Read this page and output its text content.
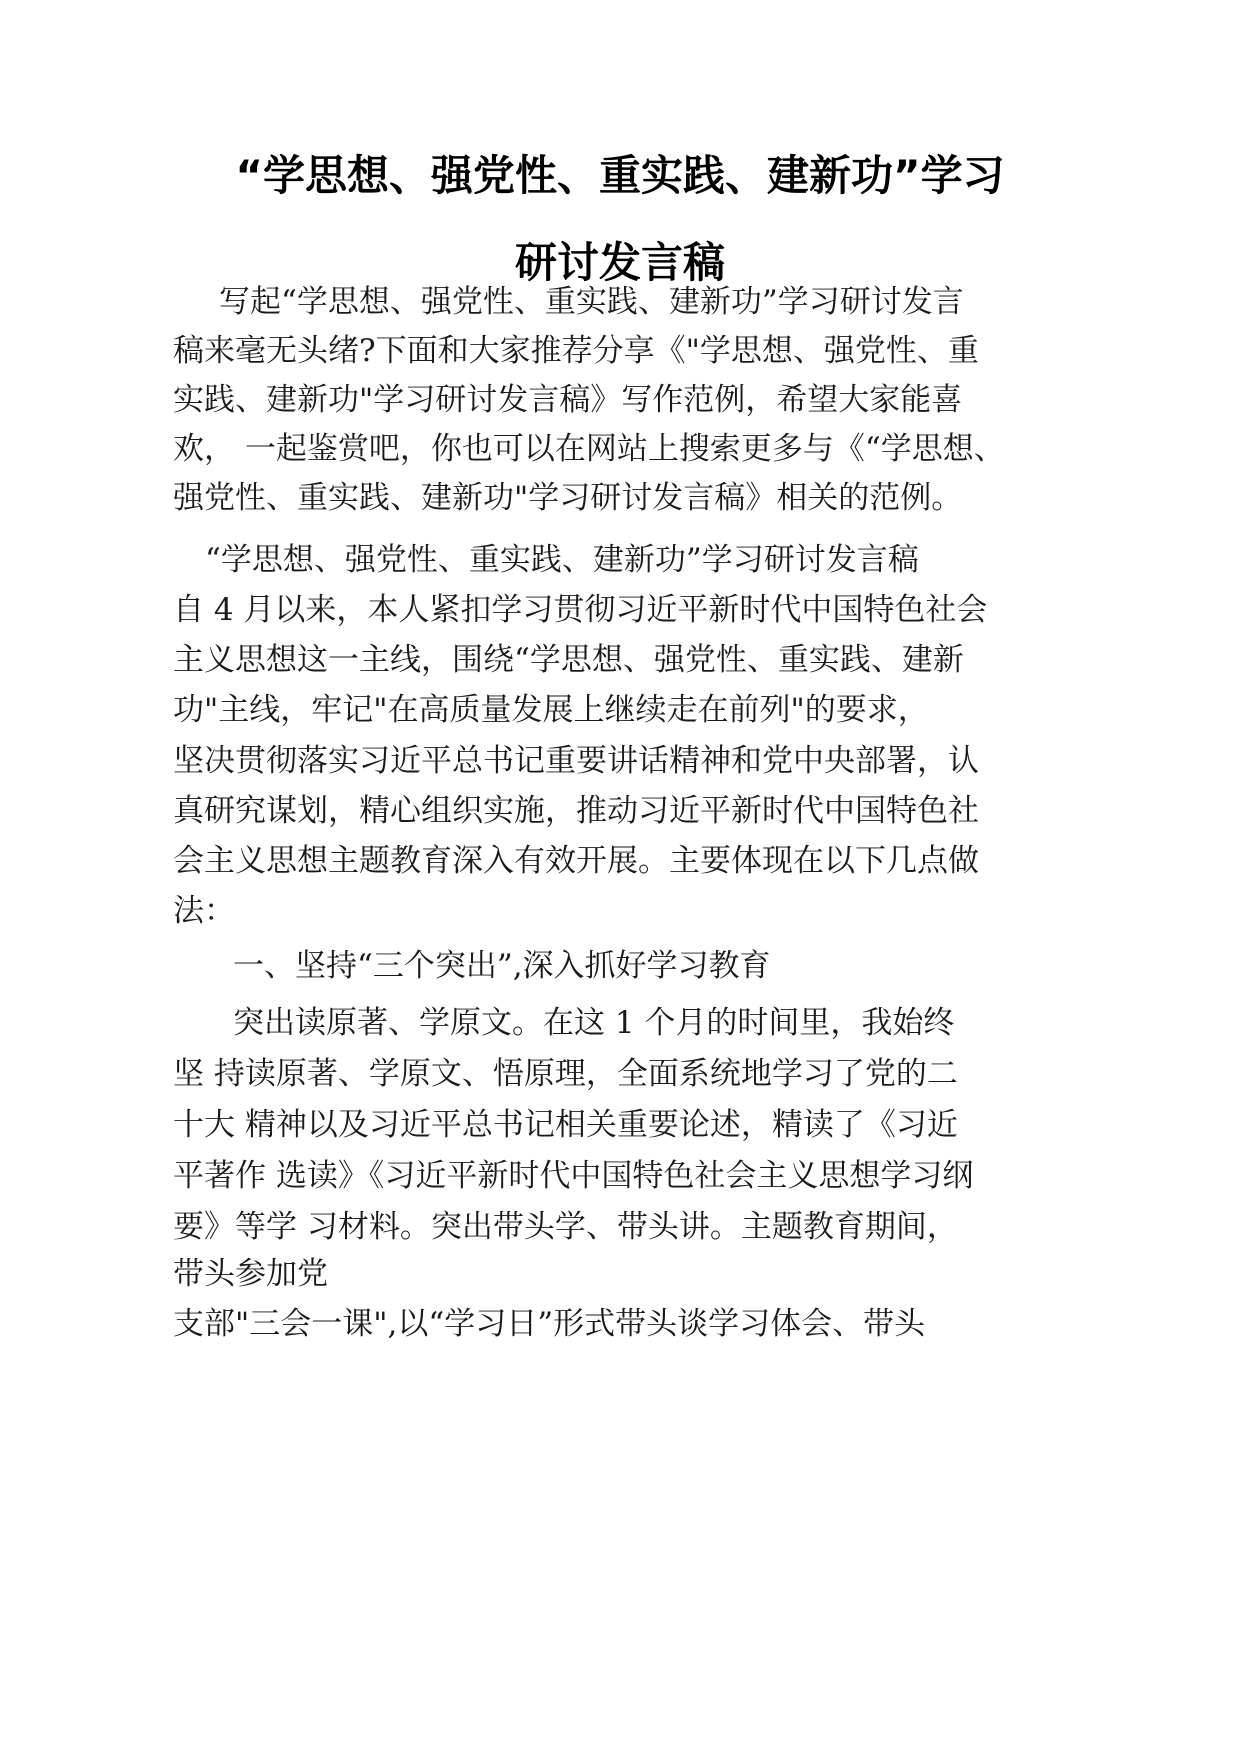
“学思想、强党性、重实践、建新功”学习
研讨发言稿
写起“学思想、强党性、重实践、建新功”学习研讨发言
稿来毫无头绪?下面和大家推荐分享《"学思想、强党性、重
实践、建新功"学习研讨发言稿》写作范例，希望大家能喜
欢， 一起鉴赏吧，你也可以在网站上搜索更多与《“学思想、
强党性、重实践、建新功"学习研讨发言稿》相关的范例。
“学思想、强党性、重实践、建新功”学习研讨发言稿
自 4 月以来，本人紧扣学习贯彻习近平新时代中国特色社会
主义思想这一主线，围绕“学思想、强党性、重实践、建新
功"主线，牢记"在高质量发展上继续走在前列"的要求，
坚决贯彻落实习近平总书记重要讲话精神和党中央部署，认
真研究谋划，精心组织实施，推动习近平新时代中国特色社
会主义思想主题教育深入有效开展。主要体现在以下几点做
法：
一、坚持“三个突出”,深入抓好学习教育
突出读原著、学原文。在这 1 个月的时间里，我始终
坚 持读原著、学原文、悟原理，全面系统地学习了党的二
十大 精神以及习近平总书记相关重要论述，精读了《习近
平著作 选读》《习近平新时代中国特色社会主义思想学习纲
要》等学 习材料。突出带头学、带头讲。主题教育期间，
带头参加党
支部"三会一课",以“学习日”形式带头谈学习体会、带头
